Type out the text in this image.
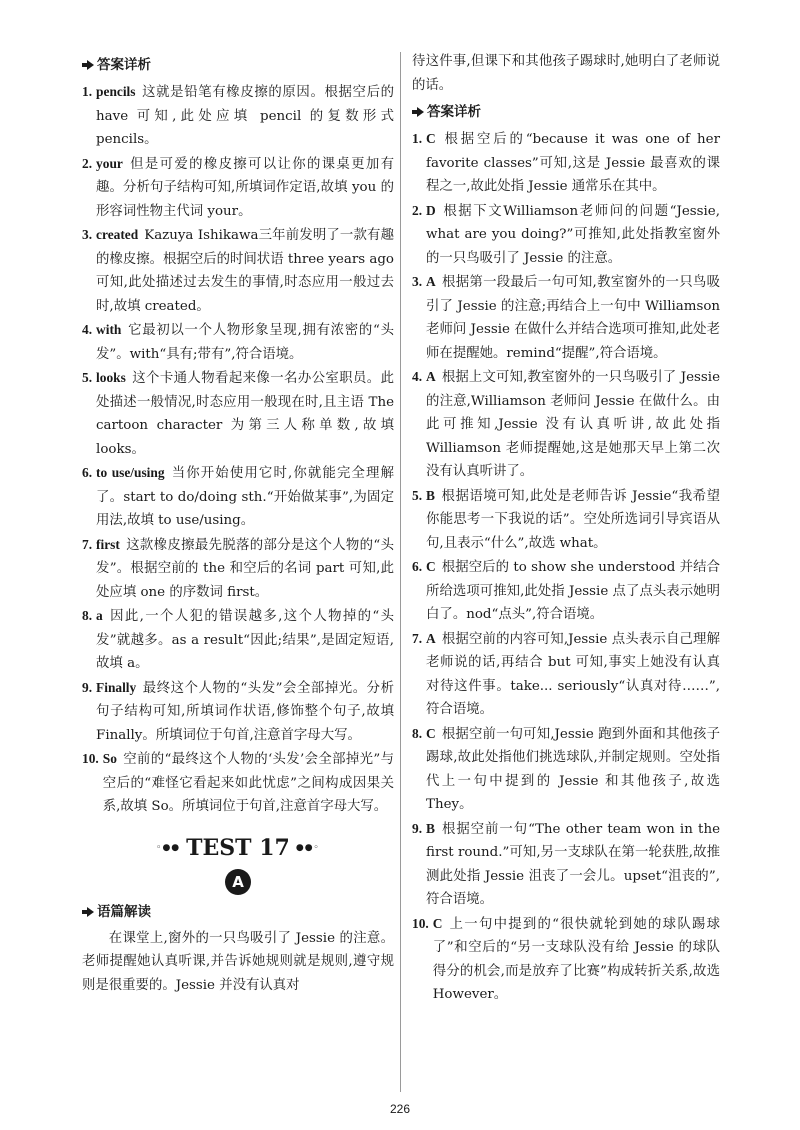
答案详析
1. pencils 这就是铅笔有橡皮擦的原因。根据空后的 have 可知,此处应填 pencil 的复数形式 pencils。
2. your 但是可爱的橡皮擦可以让你的课桌更加有趣。分析句子结构可知,所填词作定语,故填 you 的形容词性物主代词 your。
3. created Kazuya Ishikawa三年前发明了一款有趣的橡皮擦。根据空后的时间状语 three years ago 可知,此处描述过去发生的事情,时态应用一般过去时,故填 created。
4. with 它最初以一个人物形象呈现,拥有浓密的“头发”。with“具有;带有”,符合语境。
5. looks 这个卡通人物看起来像一名办公室职员。此处描述一般情况,时态应用一般现在时,且主语 The cartoon character 为第三人称单数,故填 looks。
6. to use/using 当你开始使用它时,你就能完全理解了。start to do/doing sth.“开始做某事”,为固定用法,故填 to use/using。
7. first 这款橡皮擦最先脱落的部分是这个人物的“头发”。根据空前的 the 和空后的名词 part 可知,此处应填 one 的序数词 first。
8. a 因此,一个人犯的错误越多,这个人物掉的“头发”就越多。as a result“因此;结果”,是固定短语,故填 a。
9. Finally 最终这个人物的“头发”会全部掉光。分析句子结构可知,所填词作状语,修饰整个句子,故填 Finally。所填词位于句首,注意首字母大写。
10. So 空前的“最终这个人物的‘头发’会全部掉光”与空后的“难怪它看起来如此忧虑”之间构成因果关系,故填 So。所填词位于句首,注意首字母大写。
◦●● TEST 17 ●●◦
A
语篇解读

在课堂上,窗外的一只鸟吸引了 Jessie 的注意。老师提醒她认真听课,并告诉她规则就是规则,遵守规则是很重要的。Jessie 并没有认真对

待这件事,但课下和其他孩子踢球时,她明白了老师说的话。

答案详析
1. C 根据空后的“because it was one of her favorite classes”可知,这是 Jessie 最喜欢的课程之一,故此处指 Jessie 通常乐在其中。
2. D 根据下文Williamson老师问的问题“Jessie, what are you doing?”可推知,此处指教室窗外的一只鸟吸引了 Jessie 的注意。
3. A 根据第一段最后一句可知,教室窗外的一只鸟吸引了 Jessie 的注意;再结合上一句中 Williamson 老师问 Jessie 在做什么并结合选项可推知,此处老师在提醒她。remind“提醒”,符合语境。
4. A 根据上文可知,教室窗外的一只鸟吸引了 Jessie 的注意,Williamson 老师问 Jessie 在做什么。由此可推知,Jessie 没有认真听讲,故此处指 Williamson 老师提醒她,这是她那天早上第二次没有认真听讲了。
5. B 根据语境可知,此处是老师告诉 Jessie“我希望你能思考一下我说的话”。空处所选词引导宾语从句,且表示“什么”,故选 what。
6. C 根据空后的 to show she understood 并结合所给选项可推知,此处指 Jessie 点了点头表示她明白了。nod“点头”,符合语境。
7. A 根据空前的内容可知,Jessie 点头表示自己理解老师说的话,再结合 but 可知,事实上她没有认真对待这件事。take... seriously“认真对待……”,符合语境。
8. C 根据空前一句可知,Jessie 跑到外面和其他孩子踢球,故此处指他们挑选球队,并制定规则。空处指代上一句中提到的 Jessie 和其他孩子,故选 They。
9. B 根据空前一句“The other team won in the first round.”可知,另一支球队在第一轮获胜,故推测此处指 Jessie 沮丧了一会儿。upset“沮丧的”,符合语境。
10. C 上一句中提到的“很快就轮到她的球队踢球了”和空后的“另一支球队没有给 Jessie 的球队得分的机会,而是放弃了比赛”构成转折关系,故选 However。
226
